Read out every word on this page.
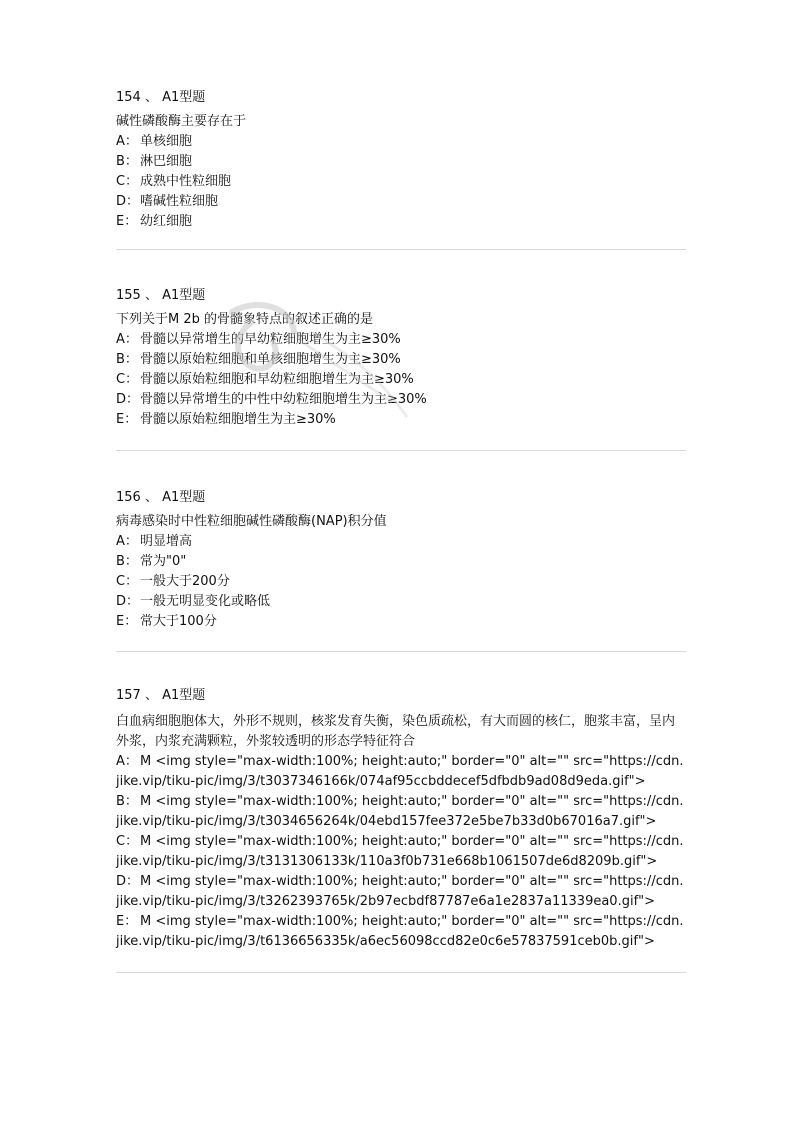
154 、 A1型题
碱性磷酸酶主要存在于
A： 单核细胞
B： 淋巴细胞
C： 成熟中性粒细胞
D：嗜碱性粒细胞
E： 幼红细胞
155 、 A1型题
下列关于M 2b 的骨髓象特点的叙述正确的是
A： 骨髓以异常增生的早幼粒细胞增生为主≥30%
B： 骨髓以原始粒细胞和单核细胞增生为主≥30%
C： 骨髓以原始粒细胞和早幼粒细胞增生为主≥30%
D：骨髓以异常增生的中性中幼粒细胞增生为主≥30%
E： 骨髓以原始粒细胞增生为主≥30%
156 、 A1型题
病毒感染时中性粒细胞碱性磷酸酶(NAP)积分值
A： 明显增高
B： 常为"0"
C： 一般大于200分
D：一般无明显变化或略低
E： 常大于100分
157 、 A1型题
白血病细胞胞体大，外形不规则，核浆发育失衡，染色质疏松，有大而圆的核仁，胞浆丰富，呈内外浆，内浆充满颗粒，外浆较透明的形态学特征符合
A： M <img style="max-width:100%; height:auto;" border="0" alt="" src="https://cdn.jike.vip/tiku-pic/img/3/t3037346166k/074af95ccbddecef5dfbdb9ad08d9eda.gif">
B： M <img style="max-width:100%; height:auto;" border="0" alt="" src="https://cdn.jike.vip/tiku-pic/img/3/t3034656264k/04ebd157fee372e5be7b33d0b67016a7.gif">
C： M <img style="max-width:100%; height:auto;" border="0" alt="" src="https://cdn.jike.vip/tiku-pic/img/3/t3131306133k/110a3f0b731e668b1061507de6d8209b.gif">
D：M <img style="max-width:100%; height:auto;" border="0" alt="" src="https://cdn.jike.vip/tiku-pic/img/3/t3262393765k/2b97ecbdf87787e6a1e2837a11339ea0.gif">
E： M <img style="max-width:100%; height:auto;" border="0" alt="" src="https://cdn.jike.vip/tiku-pic/img/3/t6136656335k/a6ec56098ccd82e0c6e57837591ceb0b.gif">
